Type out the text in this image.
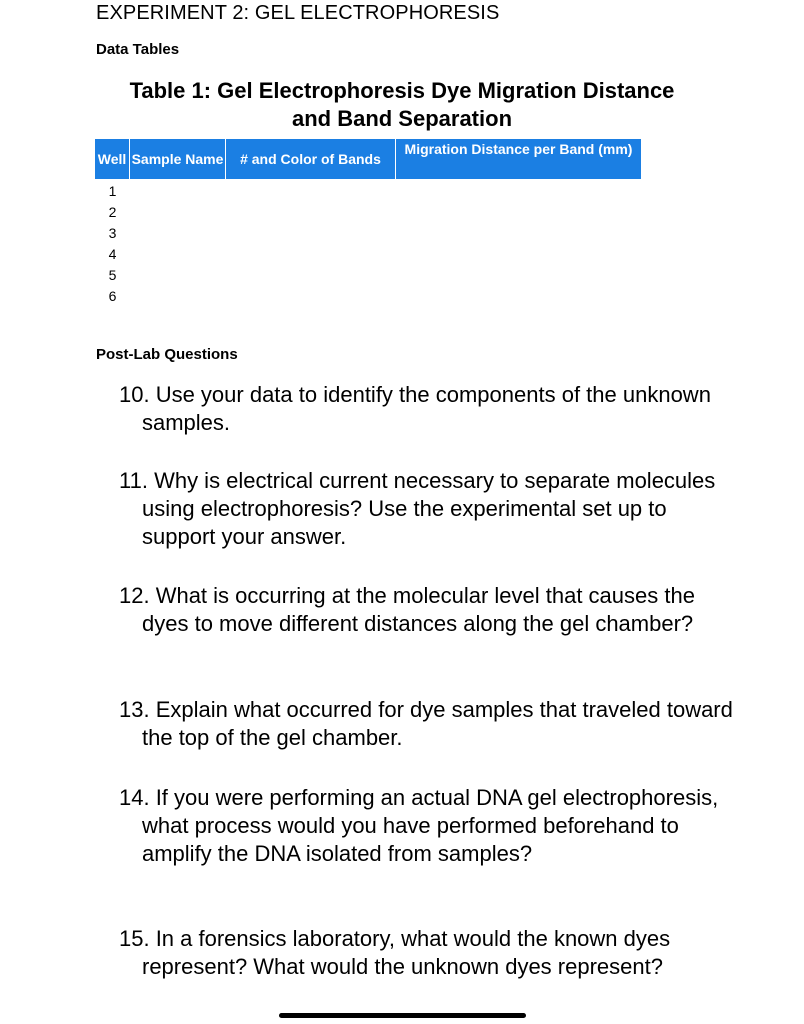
EXPERIMENT 2: GEL ELECTROPHORESIS
Data Tables
Table 1: Gel Electrophoresis Dye Migration Distance
and Band Separation
Well Sample Name	# and Color of Bands
Migration Distance per Band (mm)
1
2
3
4
5
6
Post-Lab Questions
10. Use your data to identify the components of the unknown samples.
11. Why is electrical current necessary to separate molecules using electrophoresis? Use the experimental set up to support your answer.
12. What is occurring at the molecular level that causes the dyes to move different distances along the gel chamber?
13. Explain what occurred for dye samples that traveled toward the top of the gel chamber.
14. If you were performing an actual DNA gel electrophoresis, what process would you have performed beforehand to amplify the DNA isolated from samples?
15. In a forensics laboratory, what would the known dyes represent? What would the unknown dyes represent?
